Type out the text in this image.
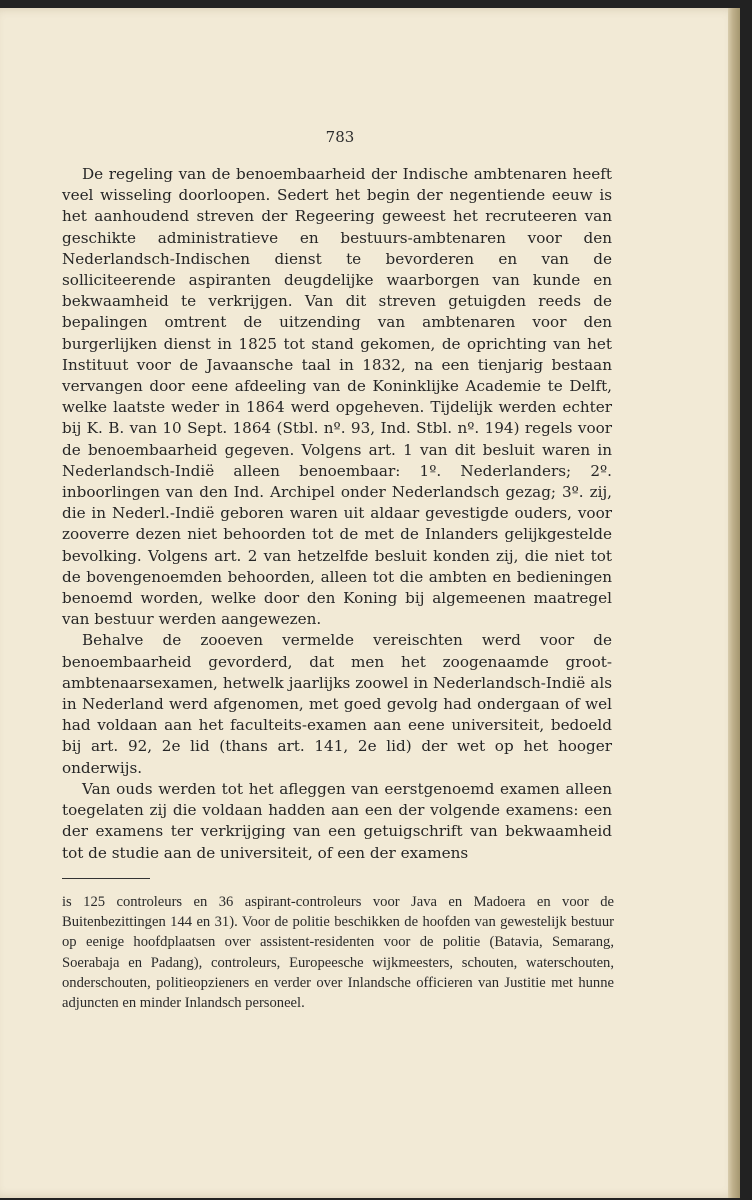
783

De regeling van de benoembaarheid der Indische ambtenaren heeft veel wisseling doorloopen. Sedert het begin der negentiende eeuw is het aanhoudend streven der Regeering geweest het recruteeren van geschikte administratieve en bestuurs-ambtenaren voor den Nederlandsch-Indischen dienst te bevorderen en van de solliciteerende aspiranten deugdelijke waarborgen van kunde en bekwaamheid te verkrijgen. Van dit streven getuigden reeds de bepalingen omtrent de uitzending van ambtenaren voor den burgerlijken dienst in 1825 tot stand gekomen, de oprichting van het Instituut voor de Javaansche taal in 1832, na een tienjarig bestaan vervangen door eene afdeeling van de Koninklijke Academie te Delft, welke laatste weder in 1864 werd opgeheven. Tijdelijk werden echter bij K. B. van 10 Sept. 1864 (Stbl. nº. 93, Ind. Stbl. nº. 194) regels voor de benoembaarheid gegeven. Volgens art. 1 van dit besluit waren in Nederlandsch-Indië alleen benoembaar: 1º. Nederlanders; 2º. inboorlingen van den Ind. Archipel onder Nederlandsch gezag; 3º. zij, die in Nederl.-Indië geboren waren uit aldaar gevestigde ouders, voor zooverre dezen niet behoorden tot de met de Inlanders gelijkgestelde bevolking. Volgens art. 2 van hetzelfde besluit konden zij, die niet tot de bovengenoemden behoorden, alleen tot die ambten en bedieningen benoemd worden, welke door den Koning bij algemeenen maatregel van bestuur werden aangewezen.

Behalve de zooeven vermelde vereischten werd voor de benoembaarheid gevorderd, dat men het zoogenaamde groot-ambtenaarsexamen, hetwelk jaarlijks zoowel in Nederlandsch-Indië als in Nederland werd afgenomen, met goed gevolg had ondergaan of wel had voldaan aan het faculteits-examen aan eene universiteit, bedoeld bij art. 92, 2e lid (thans art. 141, 2e lid) der wet op het hooger onderwijs.

Van ouds werden tot het afleggen van eerstgenoemd examen alleen toegelaten zij die voldaan hadden aan een der volgende examens: een der examens ter verkrijging van een getuigschrift van bekwaamheid tot de studie aan de universiteit, of een der examens

is 125 controleurs en 36 aspirant-controleurs voor Java en Madoera en voor de Buitenbezittingen 144 en 31). Voor de politie beschikken de hoofden van gewestelijk bestuur op eenige hoofdplaatsen over assistent-residenten voor de politie (Batavia, Semarang, Soerabaja en Padang), controleurs, Europeesche wijkmeesters, schouten, waterschouten, onderschouten, politieopzieners en verder over Inlandsche officieren van Justitie met hunne adjuncten en minder Inlandsch personeel.
